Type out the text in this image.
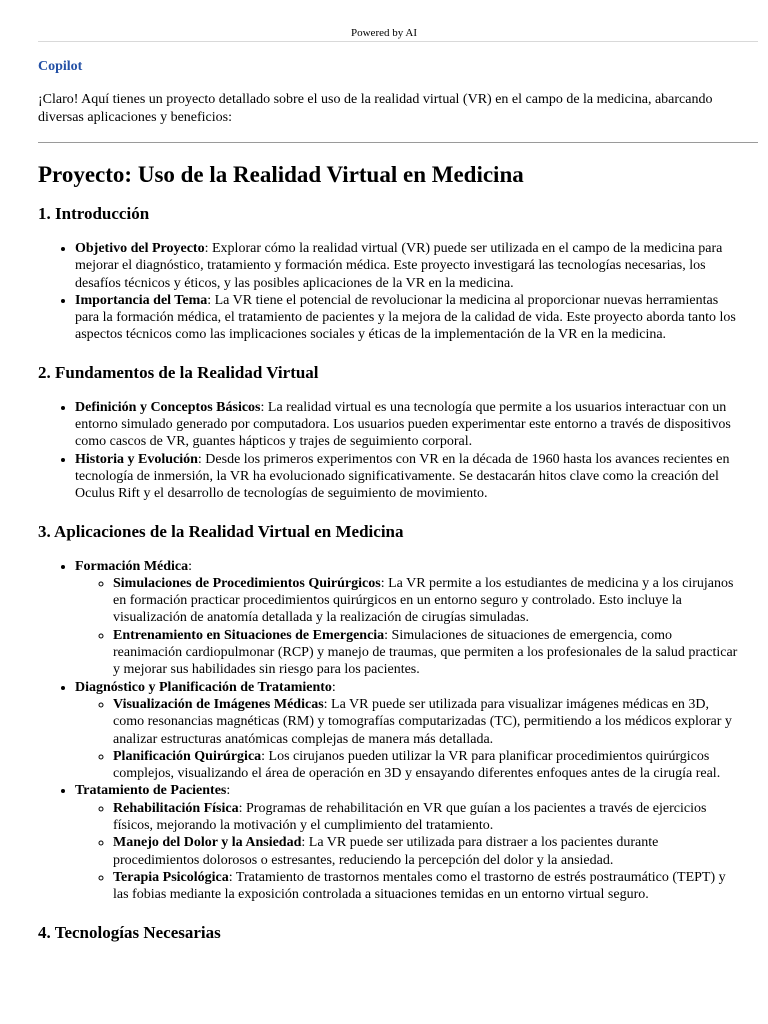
Powered by AI
Copilot
¡Claro! Aquí tienes un proyecto detallado sobre el uso de la realidad virtual (VR) en el campo de la medicina, abarcando diversas aplicaciones y beneficios:
Proyecto: Uso de la Realidad Virtual en Medicina
1. Introducción
• Objetivo del Proyecto: Explorar cómo la realidad virtual (VR) puede ser utilizada en el campo de la medicina para mejorar el diagnóstico, tratamiento y formación médica. Este proyecto investigará las tecnologías necesarias, los desafíos técnicos y éticos, y las posibles aplicaciones de la VR en la medicina.
• Importancia del Tema: La VR tiene el potencial de revolucionar la medicina al proporcionar nuevas herramientas para la formación médica, el tratamiento de pacientes y la mejora de la calidad de vida. Este proyecto aborda tanto los aspectos técnicos como las implicaciones sociales y éticas de la implementación de la VR en la medicina.
2. Fundamentos de la Realidad Virtual
• Definición y Conceptos Básicos: La realidad virtual es una tecnología que permite a los usuarios interactuar con un entorno simulado generado por computadora. Los usuarios pueden experimentar este entorno a través de dispositivos como cascos de VR, guantes hápticos y trajes de seguimiento corporal.
• Historia y Evolución: Desde los primeros experimentos con VR en la década de 1960 hasta los avances recientes en tecnología de inmersión, la VR ha evolucionado significativamente. Se destacarán hitos clave como la creación del Oculus Rift y el desarrollo de tecnologías de seguimiento de movimiento.
3. Aplicaciones de la Realidad Virtual en Medicina
• Formación Médica:
◦ Simulaciones de Procedimientos Quirúrgicos: La VR permite a los estudiantes de medicina y a los cirujanos en formación practicar procedimientos quirúrgicos en un entorno seguro y controlado. Esto incluye la visualización de anatomía detallada y la realización de cirugías simuladas.
◦ Entrenamiento en Situaciones de Emergencia: Simulaciones de situaciones de emergencia, como reanimación cardiopulmonar (RCP) y manejo de traumas, que permiten a los profesionales de la salud practicar y mejorar sus habilidades sin riesgo para los pacientes.
• Diagnóstico y Planificación de Tratamiento:
◦ Visualización de Imágenes Médicas: La VR puede ser utilizada para visualizar imágenes médicas en 3D, como resonancias magnéticas (RM) y tomografías computarizadas (TC), permitiendo a los médicos explorar y analizar estructuras anatómicas complejas de manera más detallada.
◦ Planificación Quirúrgica: Los cirujanos pueden utilizar la VR para planificar procedimientos quirúrgicos complejos, visualizando el área de operación en 3D y ensayando diferentes enfoques antes de la cirugía real.
• Tratamiento de Pacientes:
◦ Rehabilitación Física: Programas de rehabilitación en VR que guían a los pacientes a través de ejercicios físicos, mejorando la motivación y el cumplimiento del tratamiento.
◦ Manejo del Dolor y la Ansiedad: La VR puede ser utilizada para distraer a los pacientes durante procedimientos dolorosos o estresantes, reduciendo la percepción del dolor y la ansiedad.
◦ Terapia Psicológica: Tratamiento de trastornos mentales como el trastorno de estrés postraumático (TEPT) y las fobias mediante la exposición controlada a situaciones temidas en un entorno virtual seguro.
4. Tecnologías Necesarias
